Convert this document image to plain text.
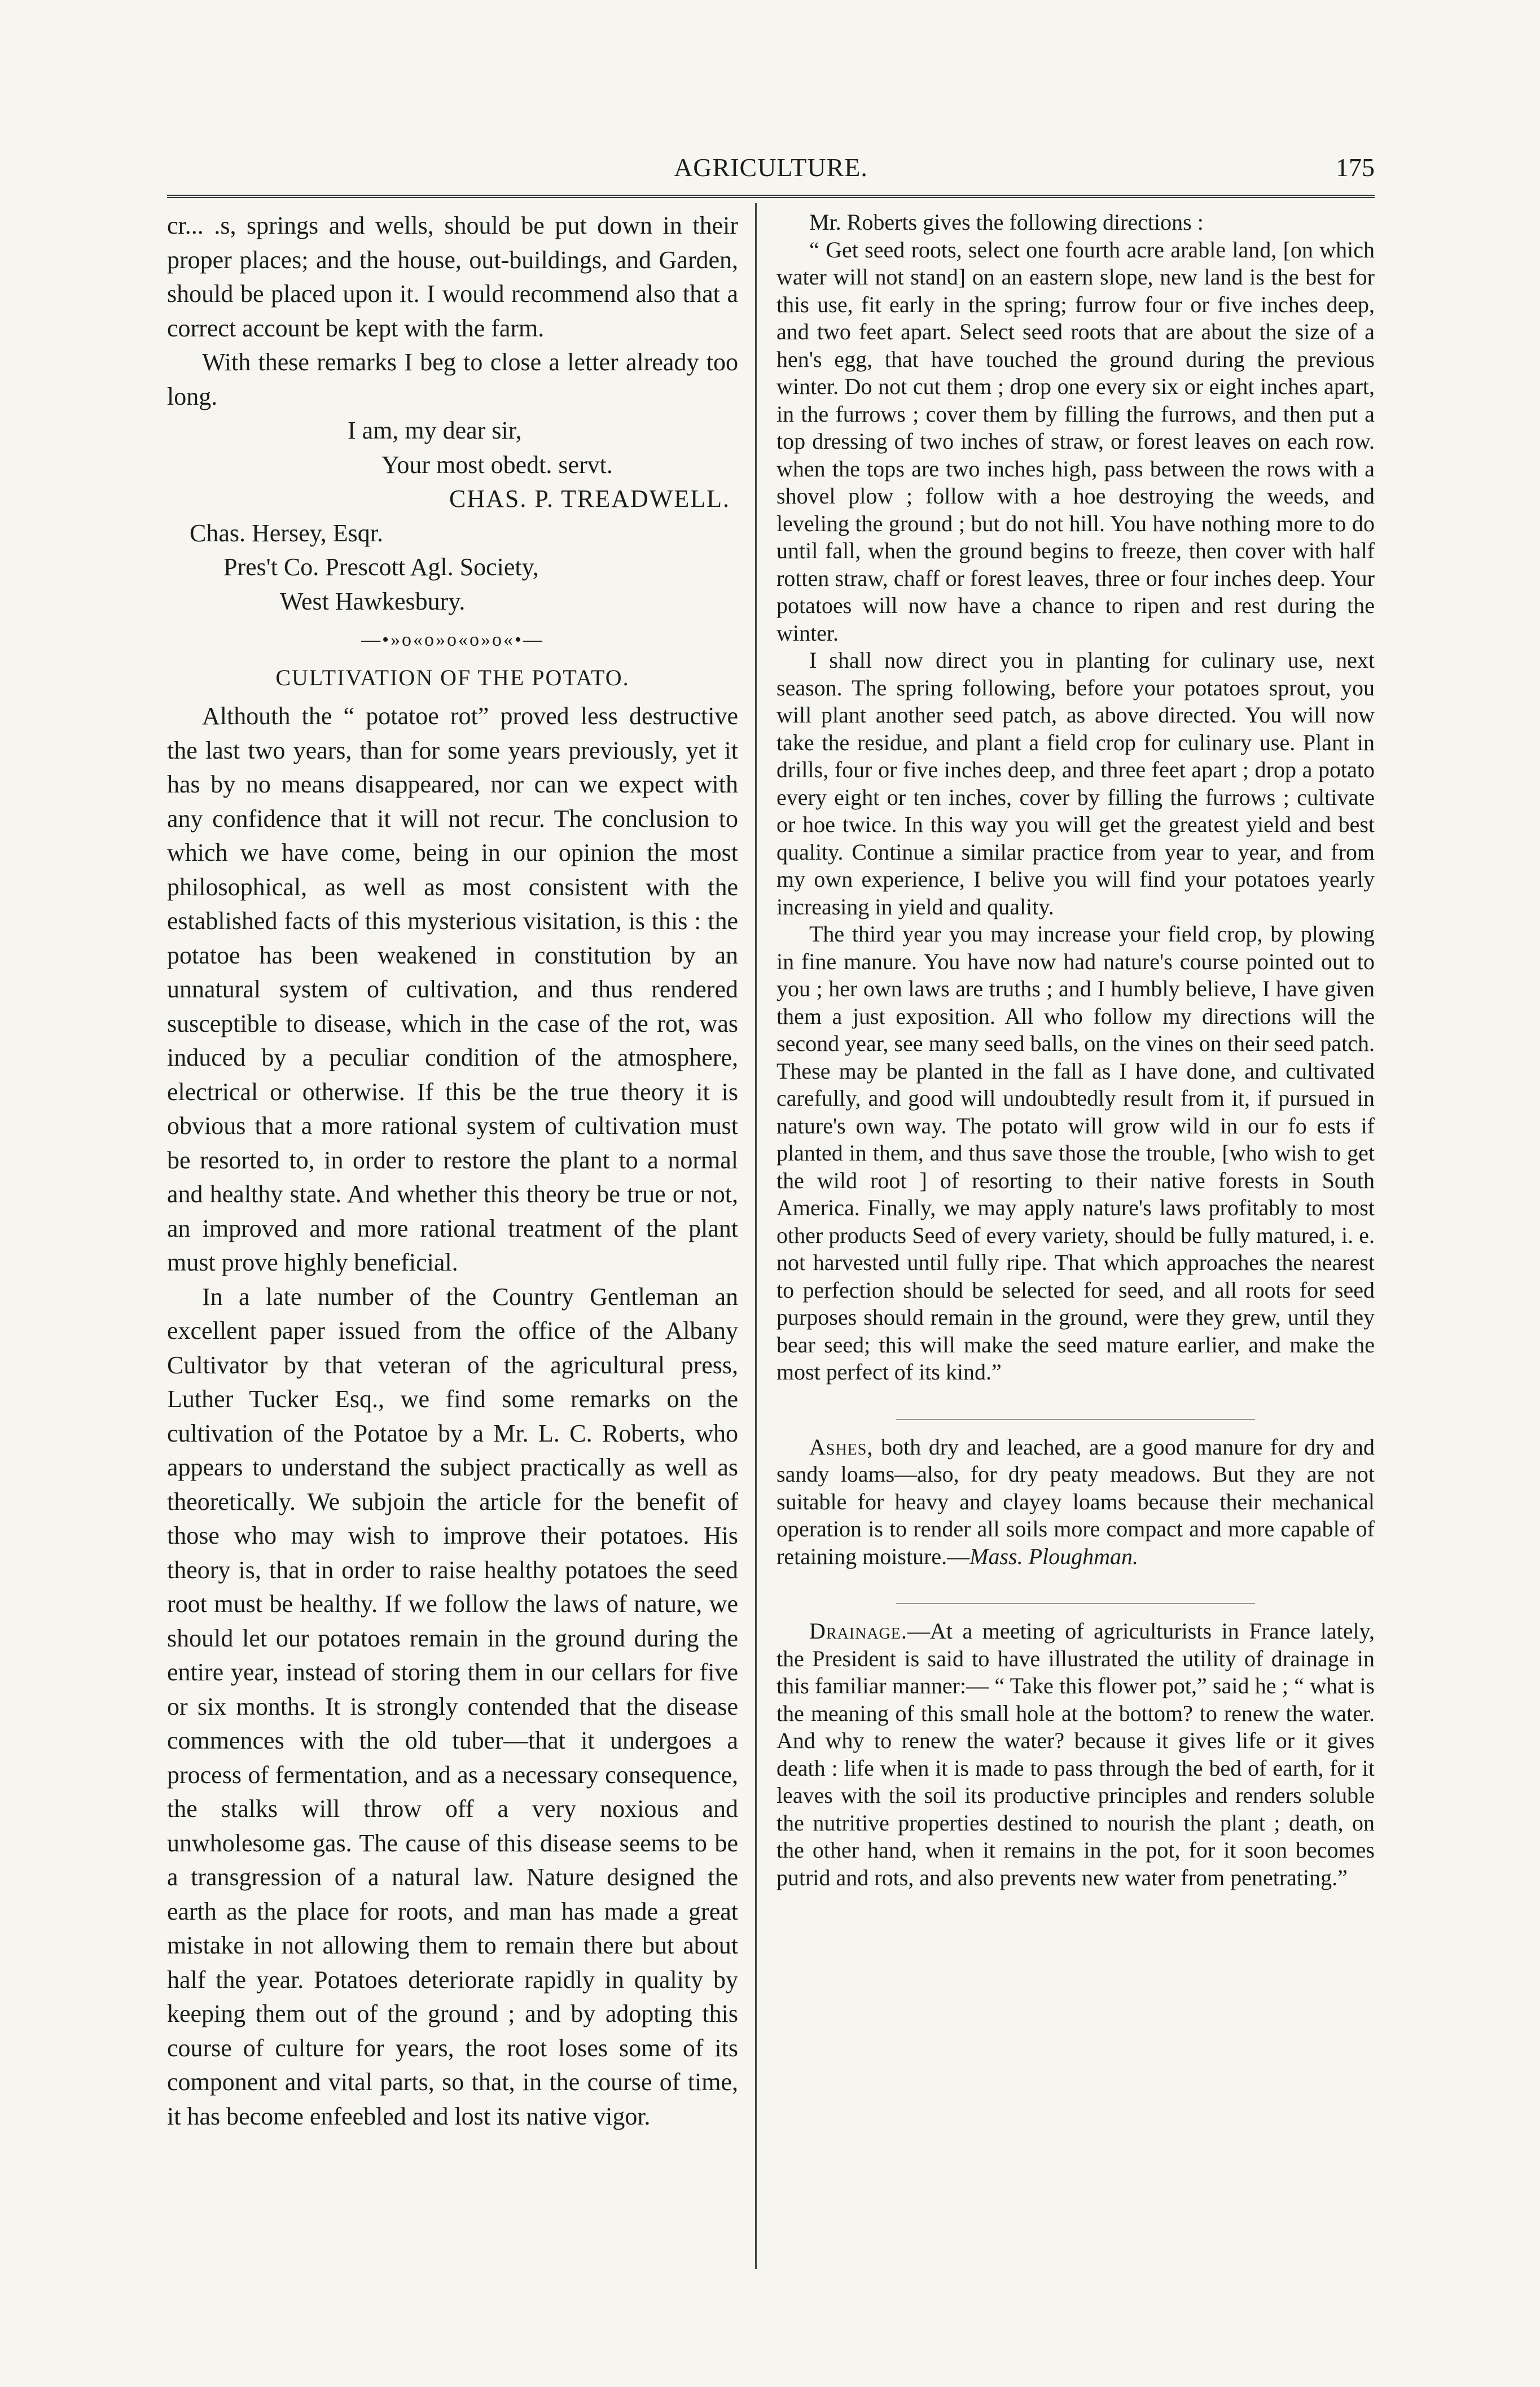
AGRICULTURE.	175

cr... .s, springs and wells, should be put down in their proper places; and the house, out-buildings, and Garden, should be placed upon it. I would recommend also that a correct account be kept with the farm.

With these remarks I beg to close a letter already too long.

I am, my dear sir,

Your most obedt. servt.

CHAS. P. TREADWELL.

Chas. Hersey, Esqr.

Pres't Co. Prescott Agl. Society,

West Hawkesbury.

—•»o«o»o«o»o«•—
CULTIVATION OF THE POTATO.

Althouth the “ potatoe rot” proved less destructive the last two years, than for some years previously, yet it has by no means disappeared, nor can we expect with any confidence that it will not recur. The conclusion to which we have come, being in our opinion the most philosophical, as well as most consistent with the established facts of this mysterious visitation, is this : the potatoe has been weakened in constitution by an unnatural system of cultivation, and thus rendered susceptible to disease, which in the case of the rot, was induced by a peculiar condition of the atmosphere, electrical or otherwise. If this be the true theory it is obvious that a more rational system of cultivation must be resorted to, in order to restore the plant to a normal and healthy state. And whether this theory be true or not, an improved and more rational treatment of the plant must prove highly beneficial.

In a late number of the Country Gentleman an excellent paper issued from the office of the Albany Cultivator by that veteran of the agricultural press, Luther Tucker Esq., we find some remarks on the cultivation of the Potatoe by a Mr. L. C. Roberts, who appears to understand the subject practically as well as theoretically. We subjoin the article for the benefit of those who may wish to improve their potatoes. His theory is, that in order to raise healthy potatoes the seed root must be healthy. If we follow the laws of nature, we should let our potatoes remain in the ground during the entire year, instead of storing them in our cellars for five or six months. It is strongly contended that the disease commences with the old tuber—that it undergoes a process of fermentation, and as a necessary consequence, the stalks will throw off a very noxious and unwholesome gas. The cause of this disease seems to be a transgression of a natural law. Nature designed the earth as the place for roots, and man has made a great mistake in not allowing them to remain there but about half the year. Potatoes deteriorate rapidly in quality by keeping them out of the ground ; and by adopting this course of culture for years, the root loses some of its component and vital parts, so that, in the course of time, it has become enfeebled and lost its native vigor.

Mr. Roberts gives the following directions :

“ Get seed roots, select one fourth acre arable land, [on which water will not stand] on an eastern slope, new land is the best for this use, fit early in the spring; furrow four or five inches deep, and two feet apart. Select seed roots that are about the size of a hen's egg, that have touched the ground during the previous winter. Do not cut them ; drop one every six or eight inches apart, in the furrows ; cover them by filling the furrows, and then put a top dressing of two inches of straw, or forest leaves on each row. when the tops are two inches high, pass between the rows with a shovel plow ; follow with a hoe destroying the weeds, and leveling the ground ; but do not hill. You have nothing more to do until fall, when the ground begins to freeze, then cover with half rotten straw, chaff or forest leaves, three or four inches deep. Your potatoes will now have a chance to ripen and rest during the winter.

I shall now direct you in planting for culinary use, next season. The spring following, before your potatoes sprout, you will plant another seed patch, as above directed. You will now take the residue, and plant a field crop for culinary use. Plant in drills, four or five inches deep, and three feet apart ; drop a potato every eight or ten inches, cover by filling the furrows ; cultivate or hoe twice. In this way you will get the greatest yield and best quality. Continue a similar practice from year to year, and from my own experience, I belive you will find your potatoes yearly increasing in yield and quality.

The third year you may increase your field crop, by plowing in fine manure. You have now had nature's course pointed out to you ; her own laws are truths ; and I humbly believe, I have given them a just exposition. All who follow my directions will the second year, see many seed balls, on the vines on their seed patch. These may be planted in the fall as I have done, and cultivated carefully, and good will undoubtedly result from it, if pursued in nature's own way. The potato will grow wild in our fo ests if planted in them, and thus save those the trouble, [who wish to get the wild root ] of resorting to their native forests in South America. Finally, we may apply nature's laws profitably to most other products Seed of every variety, should be fully matured, i. e. not harvested until fully ripe. That which approaches the nearest to perfection should be selected for seed, and all roots for seed purposes should remain in the ground, were they grew, until they bear seed; this will make the seed mature earlier, and make the most perfect of its kind.”

Ashes, both dry and leached, are a good manure for dry and sandy loams—also, for dry peaty meadows. But they are not suitable for heavy and clayey loams because their mechanical operation is to render all soils more compact and more capable of retaining moisture.—Mass. Ploughman.

Drainage.—At a meeting of agriculturists in France lately, the President is said to have illustrated the utility of drainage in this familiar manner:— “ Take this flower pot,” said he ; “ what is the meaning of this small hole at the bottom? to renew the water. And why to renew the water? because it gives life or it gives death : life when it is made to pass through the bed of earth, for it leaves with the soil its productive principles and renders soluble the nutritive properties destined to nourish the plant ; death, on the other hand, when it remains in the pot, for it soon becomes putrid and rots, and also prevents new water from penetrating.”
